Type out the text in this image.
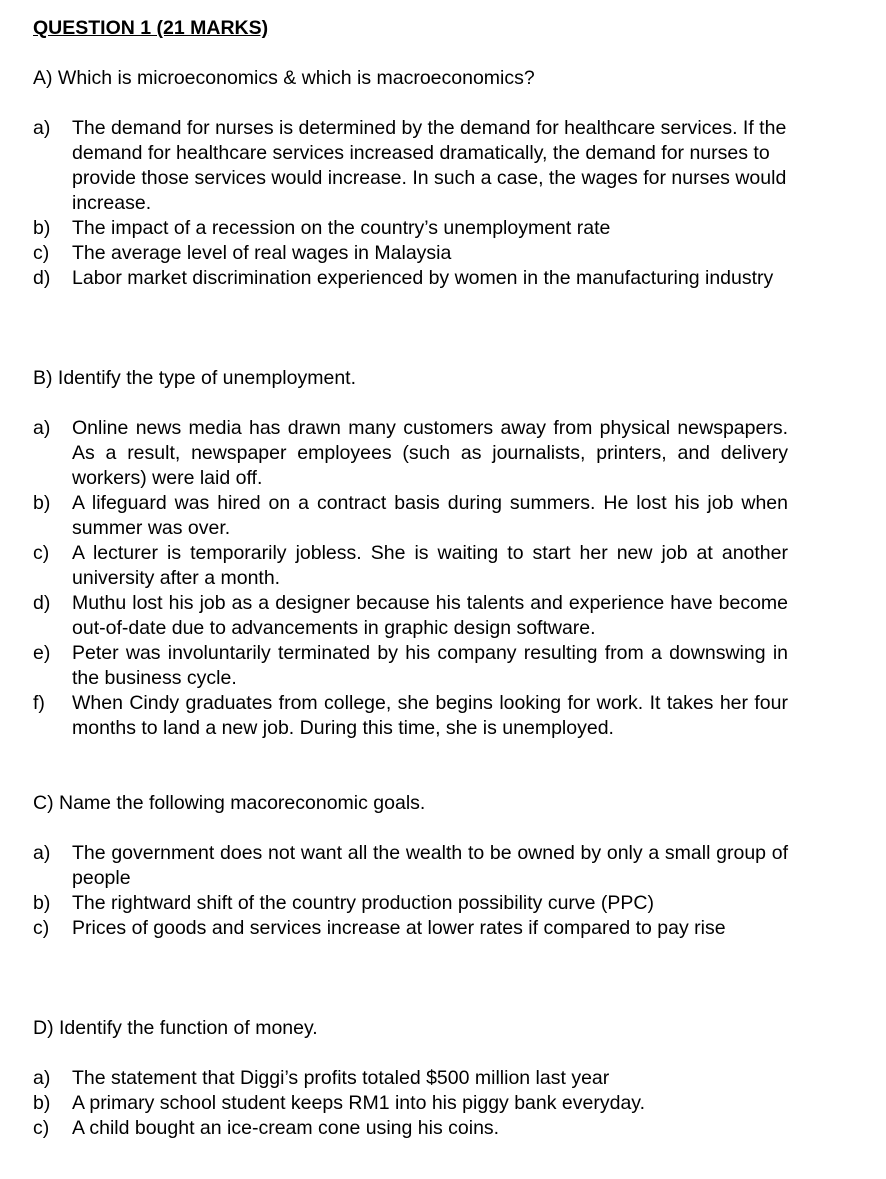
QUESTION 1 (21 MARKS)
A) Which is microeconomics & which is macroeconomics?
a) The demand for nurses is determined by the demand for healthcare services. If the demand for healthcare services increased dramatically, the demand for nurses to provide those services would increase. In such a case, the wages for nurses would increase.
b) The impact of a recession on the country’s unemployment rate
c) The average level of real wages in Malaysia
d) Labor market discrimination experienced by women in the manufacturing industry
B) Identify the type of unemployment.
a) Online news media has drawn many customers away from physical newspapers. As a result, newspaper employees (such as journalists, printers, and delivery workers) were laid off.
b) A lifeguard was hired on a contract basis during summers. He lost his job when summer was over.
c) A lecturer is temporarily jobless. She is waiting to start her new job at another university after a month.
d) Muthu lost his job as a designer because his talents and experience have become out-of-date due to advancements in graphic design software.
e) Peter was involuntarily terminated by his company resulting from a downswing in the business cycle.
f) When Cindy graduates from college, she begins looking for work. It takes her four months to land a new job. During this time, she is unemployed.
C) Name the following macoreconomic goals.
a) The government does not want all the wealth to be owned by only a small group of people
b) The rightward shift of the country production possibility curve (PPC)
c) Prices of goods and services increase at lower rates if compared to pay rise
D) Identify the function of money.
a) The statement that Diggi’s profits totaled $500 million last year
b) A primary school student keeps RM1 into his piggy bank everyday.
c) A child bought an ice-cream cone using his coins.
